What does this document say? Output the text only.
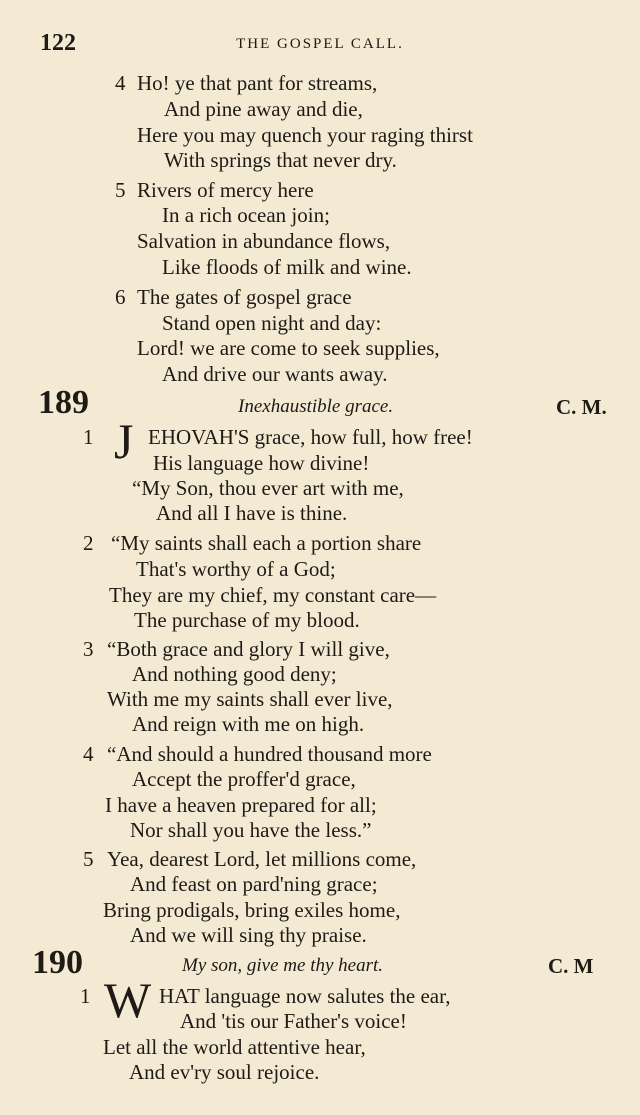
122	THE GOSPEL CALL.
4 Ho! ye that pant for streams,
And pine away and die,
Here you may quench your raging thirst
With springs that never dry.
5 Rivers of mercy here
In a rich ocean join;
Salvation in abundance flows,
Like floods of milk and wine.
6 The gates of gospel grace
Stand open night and day:
Lord! we are come to seek supplies,
And drive our wants away.
189	Inexhaustible grace.	C. M.
1 J EHOVAH'S grace, how full, how free!
His language how divine!
“My Son, thou ever art with me,
And all I have is thine.
2 “My saints shall each a portion share
That's worthy of a God;
They are my chief, my constant care—
The purchase of my blood.
3 “Both grace and glory I will give,
And nothing good deny;
With me my saints shall ever live,
And reign with me on high.
4 “And should a hundred thousand more
Accept the proffer'd grace,
I have a heaven prepared for all;
Nor shall you have the less.”
5 Yea, dearest Lord, let millions come,
And feast on pard'ning grace;
Bring prodigals, bring exiles home,
And we will sing thy praise.
190	My son, give me thy heart.	C. M
1 W HAT language now salutes the ear,
And 'tis our Father's voice!
Let all the world attentive hear,
And ev'ry soul rejoice.
